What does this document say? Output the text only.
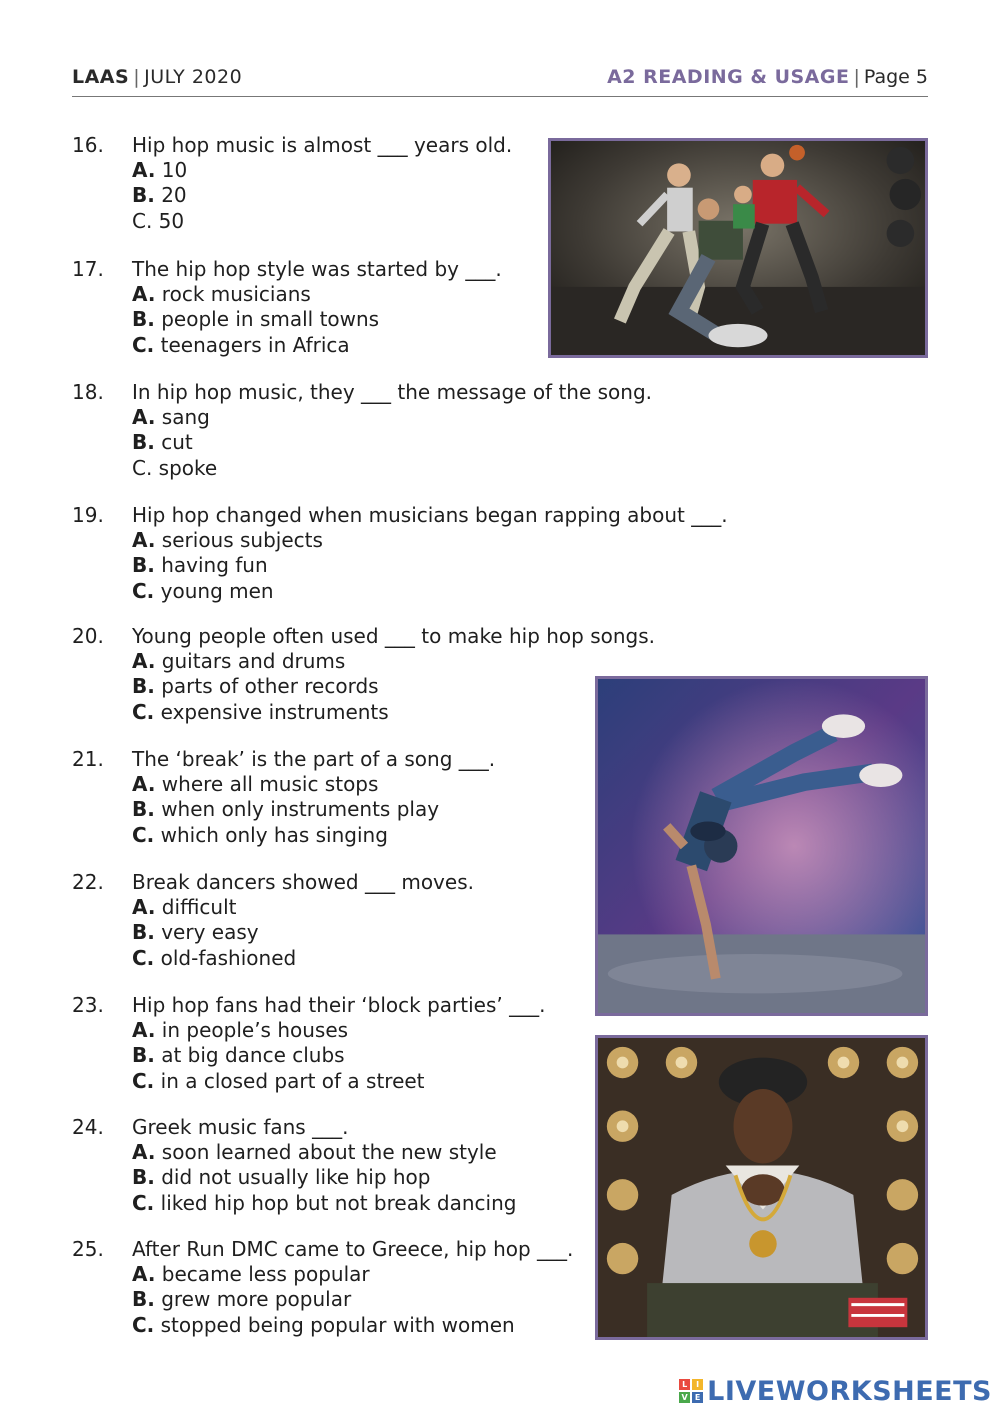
LAAS | JULY 2020	A2 READING & USAGE | Page 5
16.	Hip hop music is almost ___ years old.
A. 10
B. 20
C. 50
17.	The hip hop style was started by ___.
A. rock musicians
B. people in small towns
C. teenagers in Africa
18.	In hip hop music, they ___ the message of the song.
A. sang
B. cut
C. spoke
19.	Hip hop changed when musicians began rapping about ___.
A. serious subjects
B. having fun
C. young men
20.	Young people often used ___ to make hip hop songs.
A. guitars and drums
B. parts of other records
C. expensive instruments
21.	The ‘break’ is the part of a song ___.
A. where all music stops
B. when only instruments play
C. which only has singing
22.	Break dancers showed ___ moves.
A. difficult
B. very easy
C. old-fashioned
23.	Hip hop fans had their ‘block parties’ ___.
A. in people’s houses
B. at big dance clubs
C. in a closed part of a street
24.	Greek music fans ___.
A. soon learned about the new style
B. did not usually like hip hop
C. liked hip hop but not break dancing
25.	After Run DMC came to Greece, hip hop ___.
A. became less popular
B. grew more popular
C. stopped being popular with women
L	I
V E LIVEWORKSHEETS
